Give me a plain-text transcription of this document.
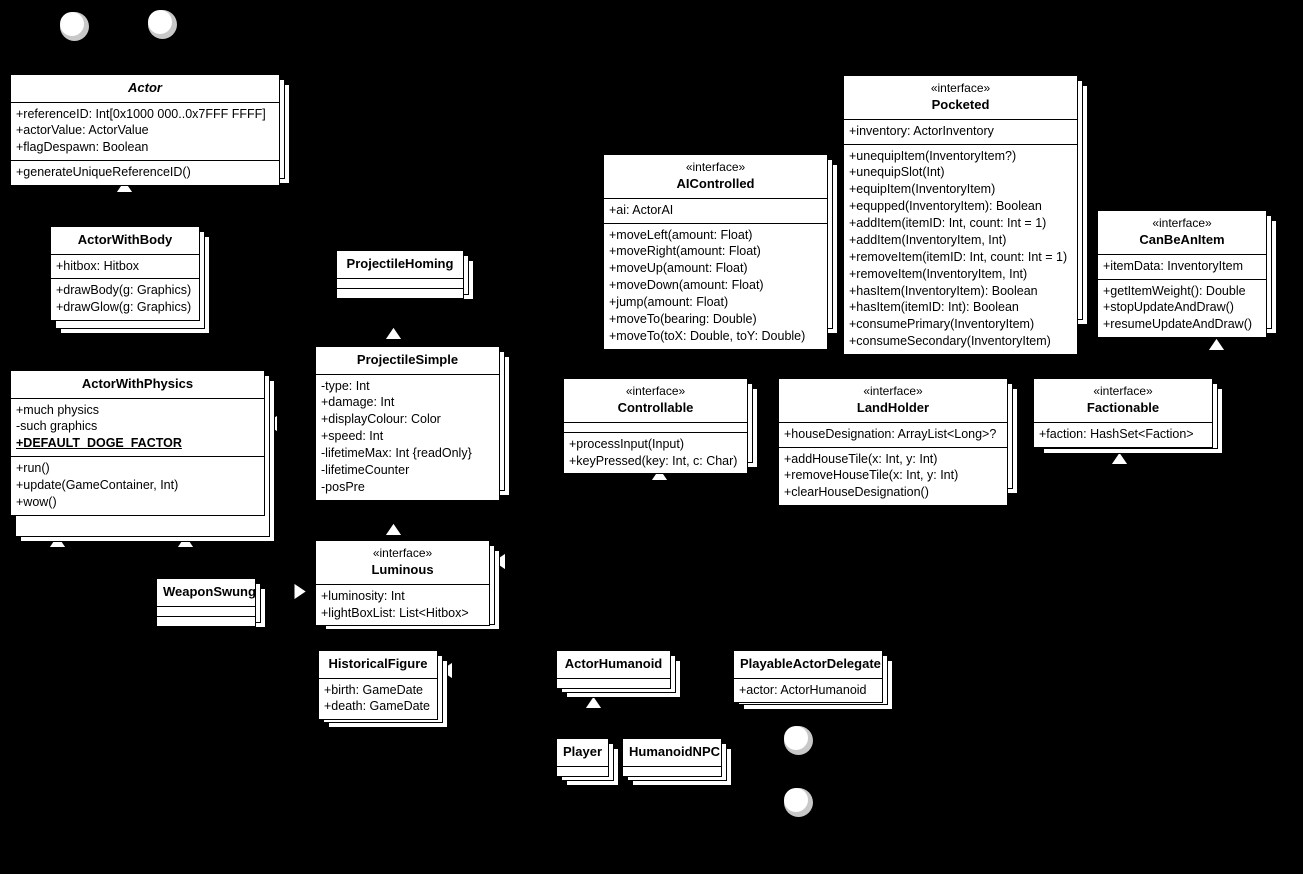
Actor
+referenceID: Int[0x1000 000..0x7FFF FFFF]
+actorValue: ActorValue
+flagDespawn: Boolean
+generateUniqueReferenceID()
ActorWithBody
+hitbox: Hitbox
+drawBody(g: Graphics)
+drawGlow(g: Graphics)
ActorWithPhysics
+much physics
-such graphics
+DEFAULT_DOGE_FACTOR
+run()
+update(GameContainer, Int)
+wow()
WeaponSwung
ProjectileHoming
ProjectileSimple
-type: Int
+damage: Int
+displayColour: Color
+speed: Int
-lifetimeMax: Int {readOnly}
-lifetimeCounter
-posPre
«interface»
Luminous
+luminosity: Int
+lightBoxList: List<Hitbox>
HistoricalFigure
+birth: GameDate
+death: GameDate
«interface»
AIControlled
+ai: ActorAI
+moveLeft(amount: Float)
+moveRight(amount: Float)
+moveUp(amount: Float)
+moveDown(amount: Float)
+jump(amount: Float)
+moveTo(bearing: Double)
+moveTo(toX: Double, toY: Double)
«interface»
Pocketed
+inventory: ActorInventory
+unequipItem(InventoryItem?)
+unequipSlot(Int)
+equipItem(InventoryItem)
+equpped(InventoryItem): Boolean
+addItem(itemID: Int, count: Int = 1)
+addItem(InventoryItem, Int)
+removeItem(itemID: Int, count: Int = 1)
+removeItem(InventoryItem, Int)
+hasItem(InventoryItem): Boolean
+hasItem(itemID: Int): Boolean
+consumePrimary(InventoryItem)
+consumeSecondary(InventoryItem)
«interface»
CanBeAnItem
+itemData: InventoryItem
+getItemWeight(): Double
+stopUpdateAndDraw()
+resumeUpdateAndDraw()
«interface»
Controllable
+processInput(Input)
+keyPressed(key: Int, c: Char)
«interface»
LandHolder
+houseDesignation: ArrayList<Long>?
+addHouseTile(x: Int, y: Int)
+removeHouseTile(x: Int, y: Int)
+clearHouseDesignation()
«interface»
Factionable
+faction: HashSet<Faction>
ActorHumanoid	PlayableActorDelegate
+actor: ActorHumanoid
Player HumanoidNPC
